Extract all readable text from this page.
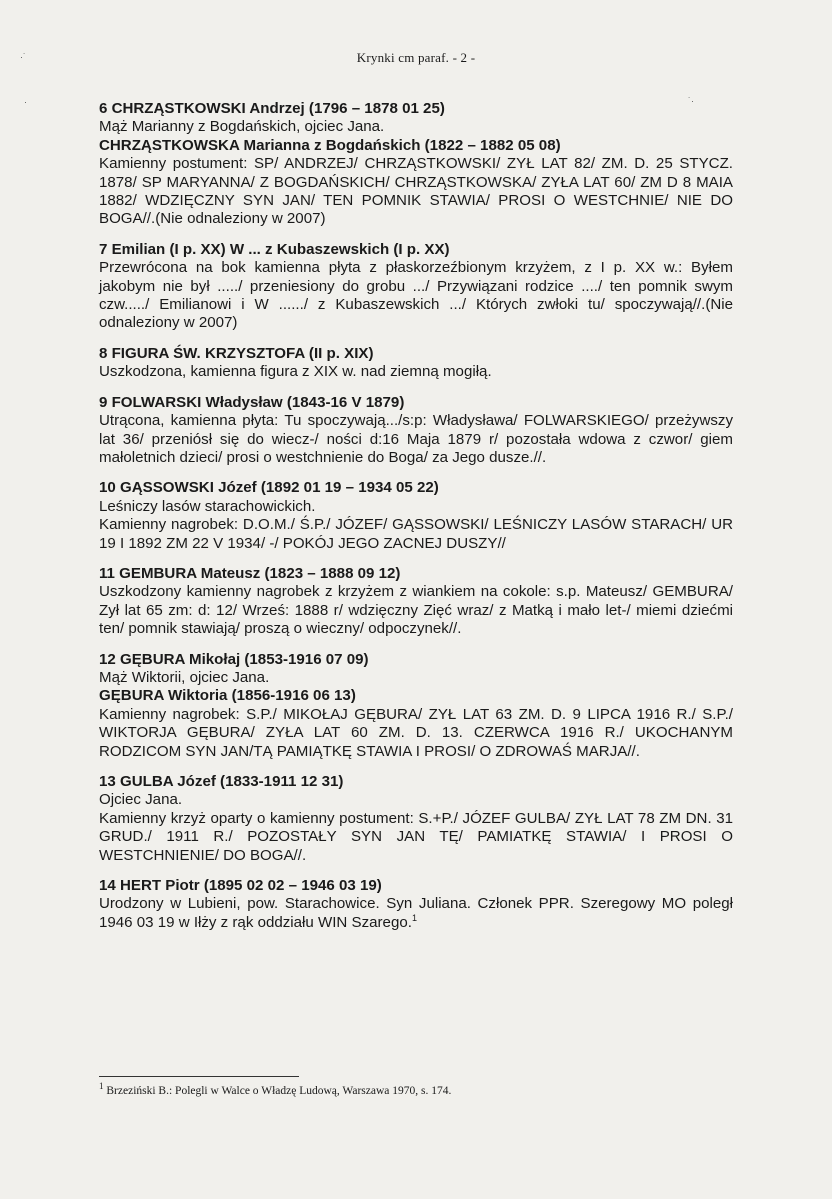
Krynki cm paraf. - 2 -
·˙
·	˙·

6 CHRZĄSTKOWSKI Andrzej (1796 – 1878 01 25)

Mąż Marianny z Bogdańskich, ojciec Jana.

CHRZĄSTKOWSKA Marianna z Bogdańskich (1822 – 1882 05 08)

Kamienny postument: SP/ ANDRZEJ/ CHRZĄSTKOWSKI/ ZYŁ LAT 82/ ZM. D. 25 STYCZ. 1878/ SP MARYANNA/ Z BOGDAŃSKICH/ CHRZĄSTKOWSKA/ ZYŁA LAT 60/ ZM D 8 MAIA 1882/ WDZIĘCZNY SYN JAN/ TEN POMNIK STAWIA/ PROSI O WESTCHNIE/ NIE DO BOGA//.(Nie odnaleziony w 2007)

7 Emilian (I p. XX) W ... z Kubaszewskich (I p. XX)

Przewrócona na bok kamienna płyta z płaskorzeźbionym krzyżem, z I p. XX w.: Byłem jakobym nie był ...../ przeniesiony do grobu .../ Przywiązani rodzice ..../ ten pomnik swym czw...../ Emilianowi i W ....../ z Kubaszewskich .../ Których zwłoki tu/ spoczywają//.(Nie odnaleziony w 2007)

8 FIGURA ŚW. KRZYSZTOFA (II p. XIX)

Uszkodzona, kamienna figura z XIX w. nad ziemną mogiłą.

9 FOLWARSKI Władysław (1843-16 V 1879)

Utrącona, kamienna płyta: Tu spoczywają.../s:p: Władysława/ FOLWARSKIEGO/ przeżywszy lat 36/ przeniósł się do wiecz-/ ności d:16 Maja 1879 r/ pozostała wdowa z czwor/ giem małoletnich dzieci/ prosi o westchnienie do Boga/ za Jego dusze.//.

10 GĄSSOWSKI Józef (1892 01 19 – 1934 05 22)

Leśniczy lasów starachowickich.

Kamienny nagrobek: D.O.M./ Ś.P./ JÓZEF/ GĄSSOWSKI/ LEŚNICZY LASÓW STARACH/ UR 19 I 1892 ZM 22 V 1934/ -/ POKÓJ JEGO ZACNEJ DUSZY//

11 GEMBURA Mateusz (1823 – 1888 09 12)

Uszkodzony kamienny nagrobek z krzyżem z wiankiem na cokole: s.p. Mateusz/ GEMBURA/ Zył lat 65 zm: d: 12/ Wrześ: 1888 r/ wdzięczny Zięć wraz/ z Matką i mało let-/ miemi dziećmi ten/ pomnik stawiają/ proszą o wieczny/ odpoczynek//.

12 GĘBURA Mikołaj (1853-1916 07 09)

Mąż Wiktorii, ojciec Jana.

GĘBURA Wiktoria (1856-1916 06 13)

Kamienny nagrobek: S.P./ MIKOŁAJ GĘBURA/ ZYŁ LAT 63 ZM. D. 9 LIPCA 1916 R./ S.P./ WIKTORJA GĘBURA/ ZYŁA LAT 60 ZM. D. 13. CZERWCA 1916 R./ UKOCHANYM RODZICOM SYN JAN/TĄ PAMIĄTKĘ STAWIA I PROSI/ O ZDROWAŚ MARJA//.

13 GULBA Józef (1833-1911 12 31)

Ojciec Jana.

Kamienny krzyż oparty o kamienny postument: S.+P./ JÓZEF GULBA/ ZYŁ LAT 78 ZM DN. 31 GRUD./ 1911 R./ POZOSTAŁY SYN JAN TĘ/ PAMIATKĘ STAWIA/ I PROSI O WESTCHNIENIE/ DO BOGA//.

14 HERT Piotr (1895 02 02 – 1946 03 19)

Urodzony w Lubieni, pow. Starachowice. Syn Juliana. Członek PPR. Szeregowy MO poległ 1946 03 19 w Iłży z rąk oddziału WIN Szarego.$^1$

$^1$ Brzeziński B.: Polegli w Walce o Władzę Ludową, Warszawa 1970, s. 174.
